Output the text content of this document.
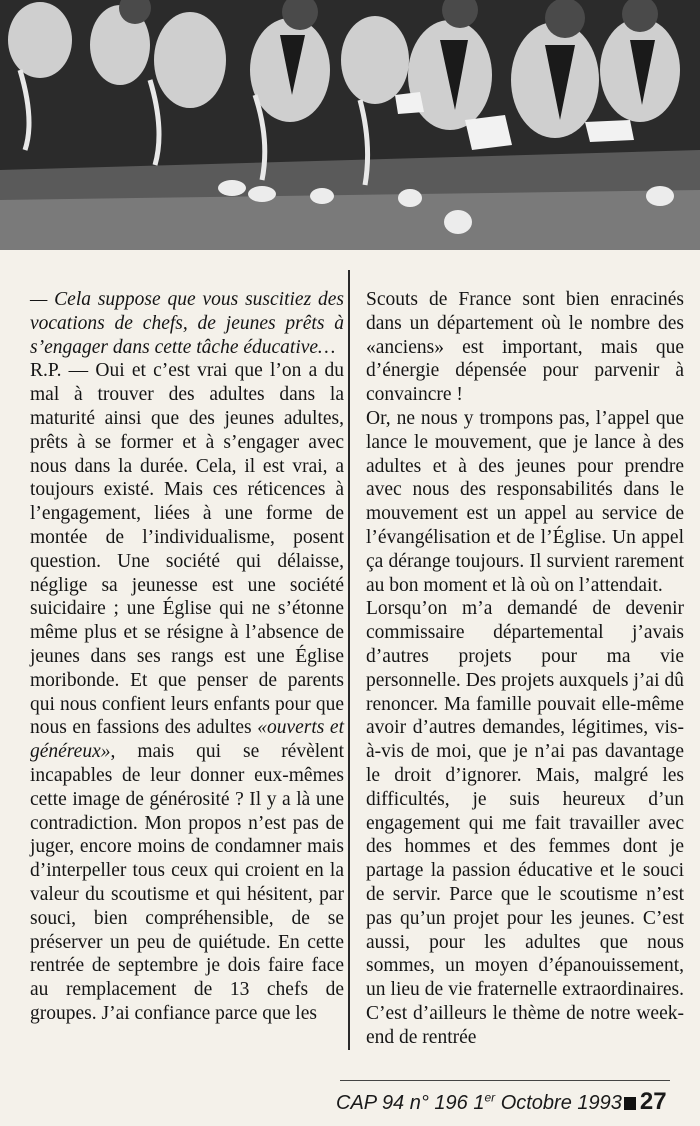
— Cela suppose que vous suscitiez des vocations de chefs, de jeunes prêts à s’engager dans cette tâche éducative…

R.P. — Oui et c’est vrai que l’on a du mal à trouver des adultes dans la maturité ainsi que des jeunes adultes, prêts à se former et à s’engager avec nous dans la durée. Cela, il est vrai, a toujours existé. Mais ces réticences à l’engagement, liées à une forme de montée de l’individualisme, posent question. Une société qui délaisse, néglige sa jeunesse est une société suicidaire ; une Église qui ne s’étonne même plus et se résigne à l’absence de jeunes dans ses rangs est une Église moribonde. Et que penser de parents qui nous confient leurs enfants pour que nous en fassions des adultes «ouverts et généreux», mais qui se révèlent incapables de leur donner eux-mêmes cette image de générosité ? Il y a là une contradiction. Mon propos n’est pas de juger, encore moins de condamner mais d’interpeller tous ceux qui croient en la valeur du scoutisme et qui hésitent, par souci, bien compréhensible, de se préserver un peu de quiétude. En cette rentrée de septembre je dois faire face au remplacement de 13 chefs de groupes. J’ai confiance parce que les

Scouts de France sont bien enracinés dans un département où le nombre des «anciens» est important, mais que d’énergie dépensée pour parvenir à convaincre !

Or, ne nous y trompons pas, l’appel que lance le mouvement, que je lance à des adultes et à des jeunes pour prendre avec nous des responsabilités dans le mouvement est un appel au service de l’évangélisation et de l’Église. Un appel ça dérange toujours. Il survient rarement au bon moment et là où on l’attendait.

Lorsqu’on m’a demandé de devenir commissaire départemental j’avais d’autres projets pour ma vie personnelle. Des projets auxquels j’ai dû renoncer. Ma famille pouvait elle-même avoir d’autres demandes, légitimes, vis-à-vis de moi, que je n’ai pas davantage le droit d’ignorer. Mais, malgré les difficultés, je suis heureux d’un engagement qui me fait travailler avec des hommes et des femmes dont je partage la passion éducative et le souci de servir. Parce que le scoutisme n’est pas qu’un projet pour les jeunes. C’est aussi, pour les adultes que nous sommes, un moyen d’épanouissement, un lieu de vie fraternelle extraordinaires. C’est d’ailleurs le thème de notre week-end de rentrée

CAP 94 n° 196 1er Octobre 1993 27
